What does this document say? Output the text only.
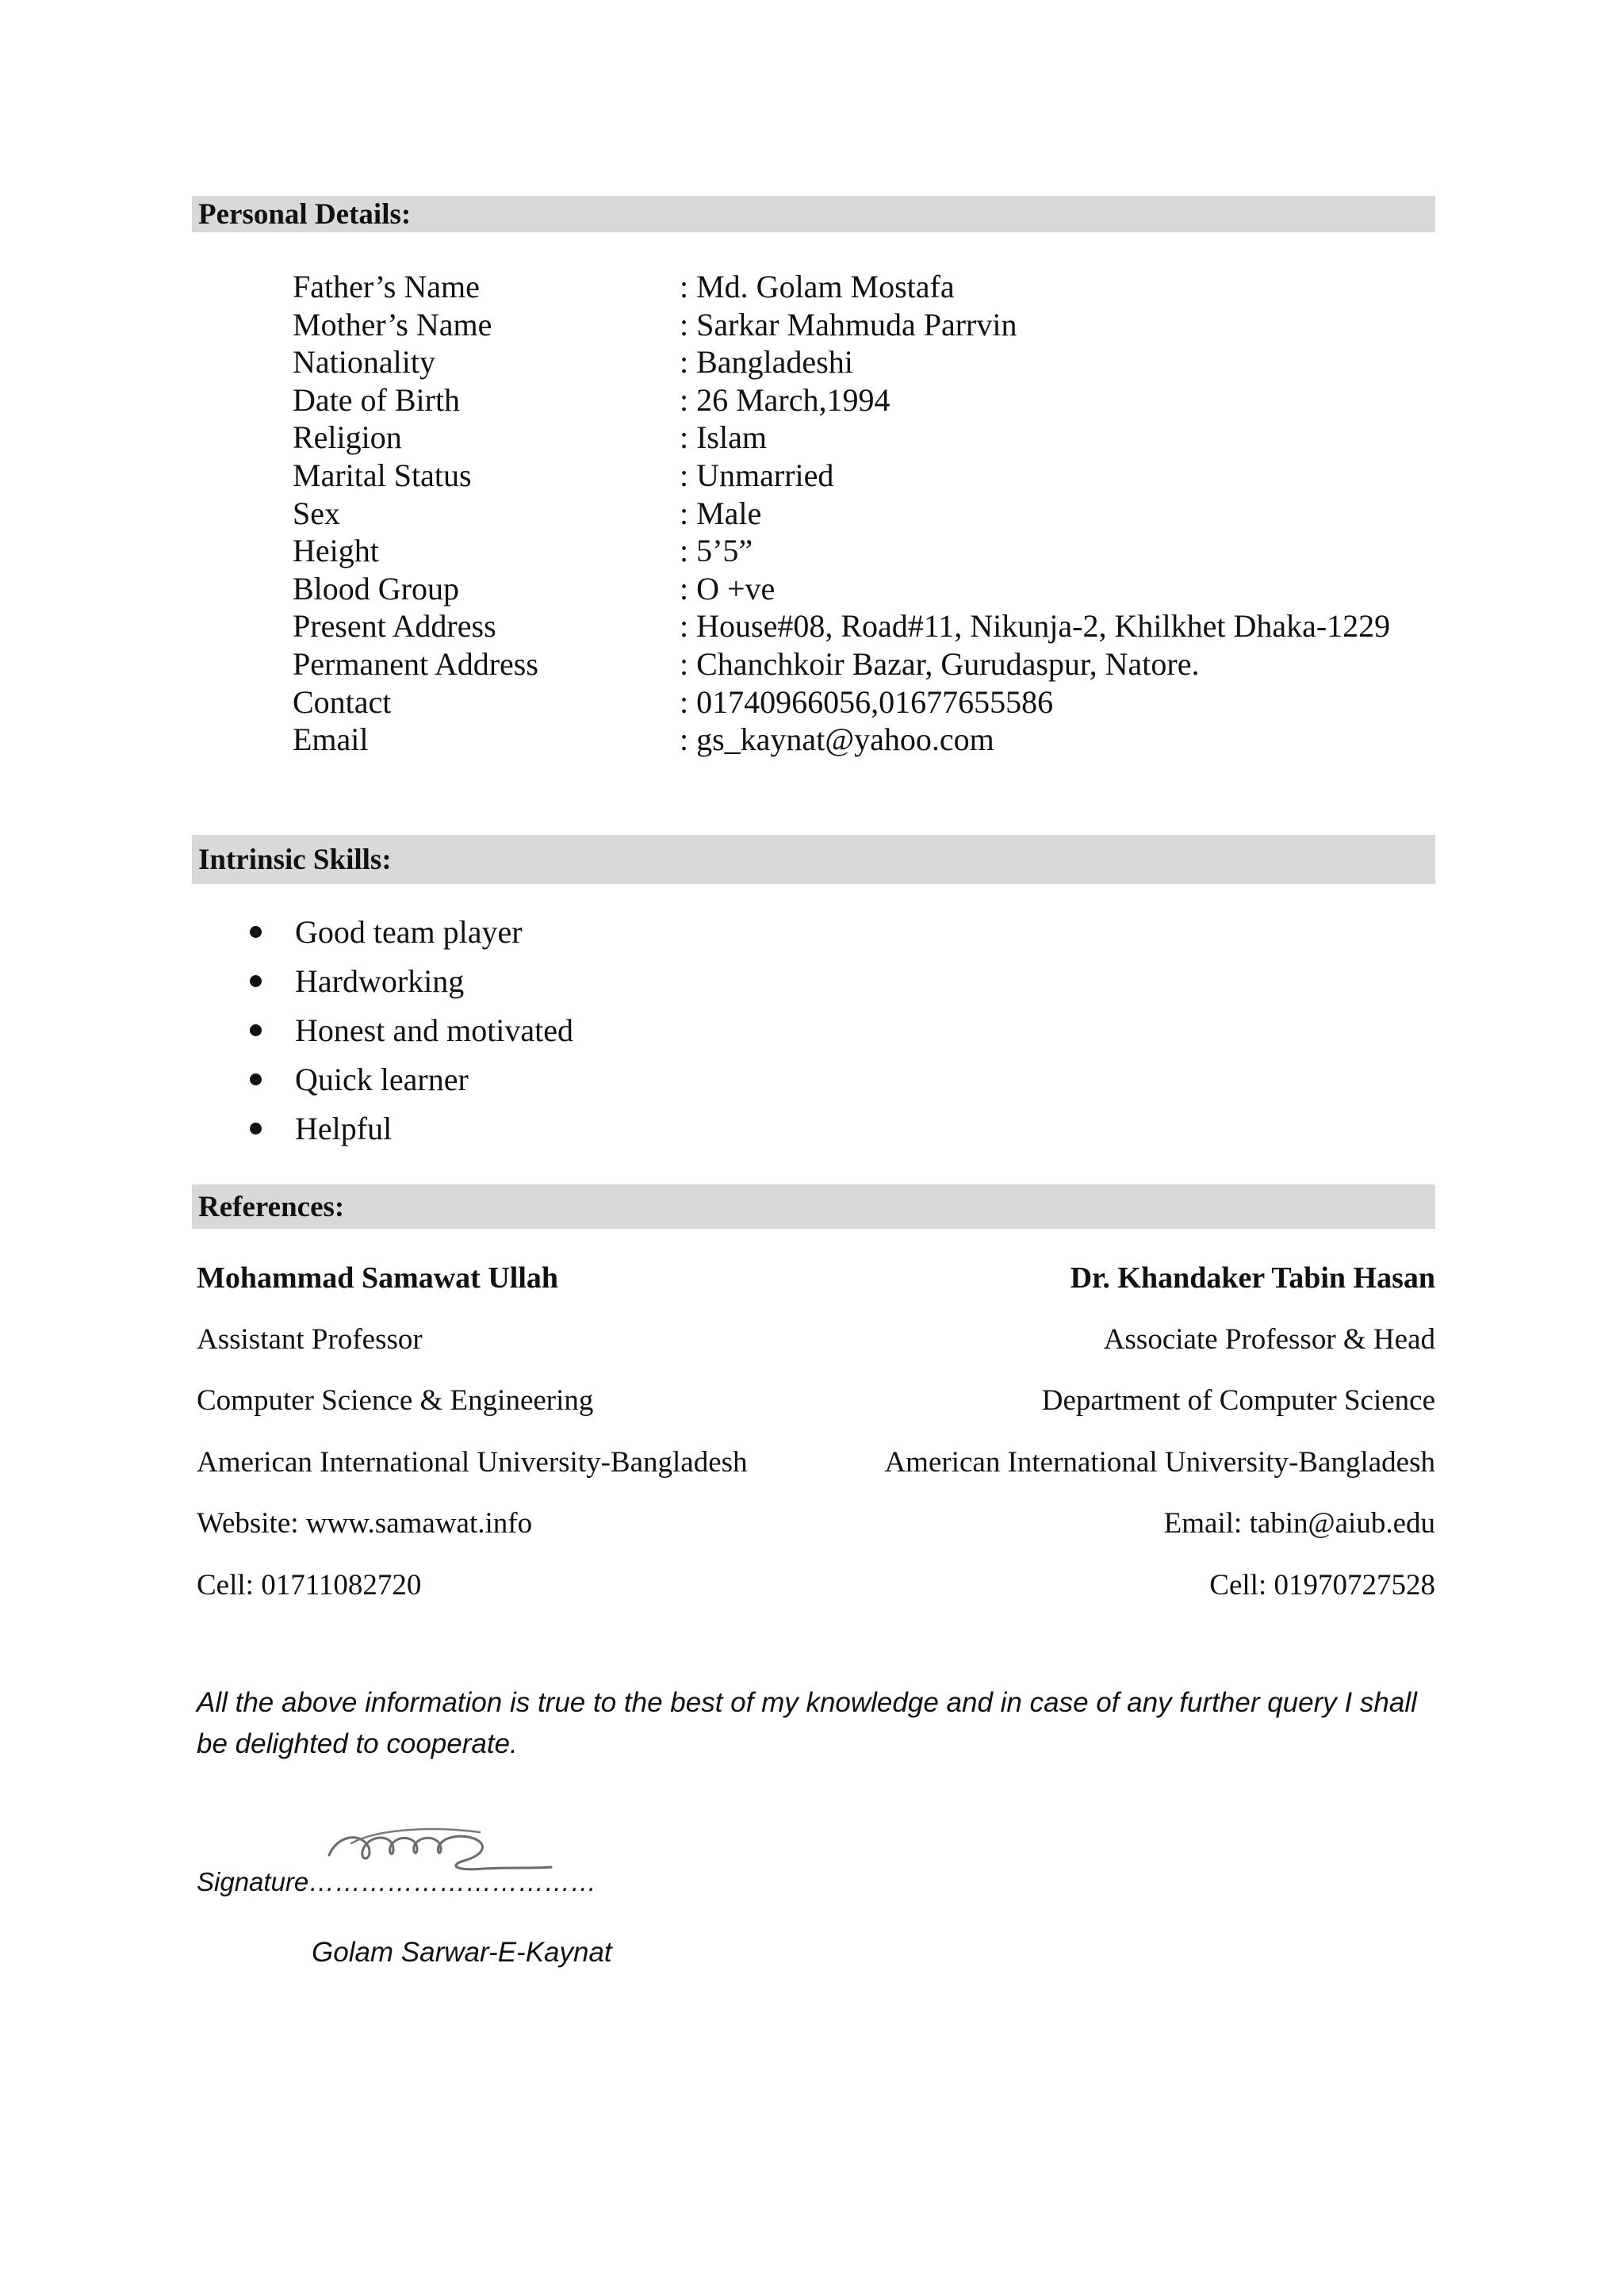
Personal Details:
Father’s Name	: Md. Golam Mostafa
Mother’s Name	: Sarkar Mahmuda Parrvin
Nationality	: Bangladeshi
Date of Birth	: 26 March,1994
Religion	: Islam
Marital Status	: Unmarried
Sex	: Male
Height	: 5’5”
Blood Group	: O +ve
Present Address	: House#08, Road#11, Nikunja-2, Khilkhet Dhaka-1229
Permanent Address	: Chanchkoir Bazar, Gurudaspur, Natore.
Contact	: 01740966056,01677655586
Email	: gs_kaynat@yahoo.com
Intrinsic Skills:
Good team player
Hardworking
Honest and motivated
Quick learner
Helpful
References:
Mohammad Samawat Ullah
Assistant Professor
Computer Science & Engineering
American International University-Bangladesh
Website: www.samawat.info
Cell: 01711082720
Dr. Khandaker Tabin Hasan
Associate Professor & Head
Department of Computer Science
American International University-Bangladesh
Email: tabin@aiub.edu
Cell: 01970727528
All the above information is true to the best of my knowledge and in case of any further query I shall be delighted to cooperate.
Signature……………………………
Golam Sarwar-E-Kaynat
